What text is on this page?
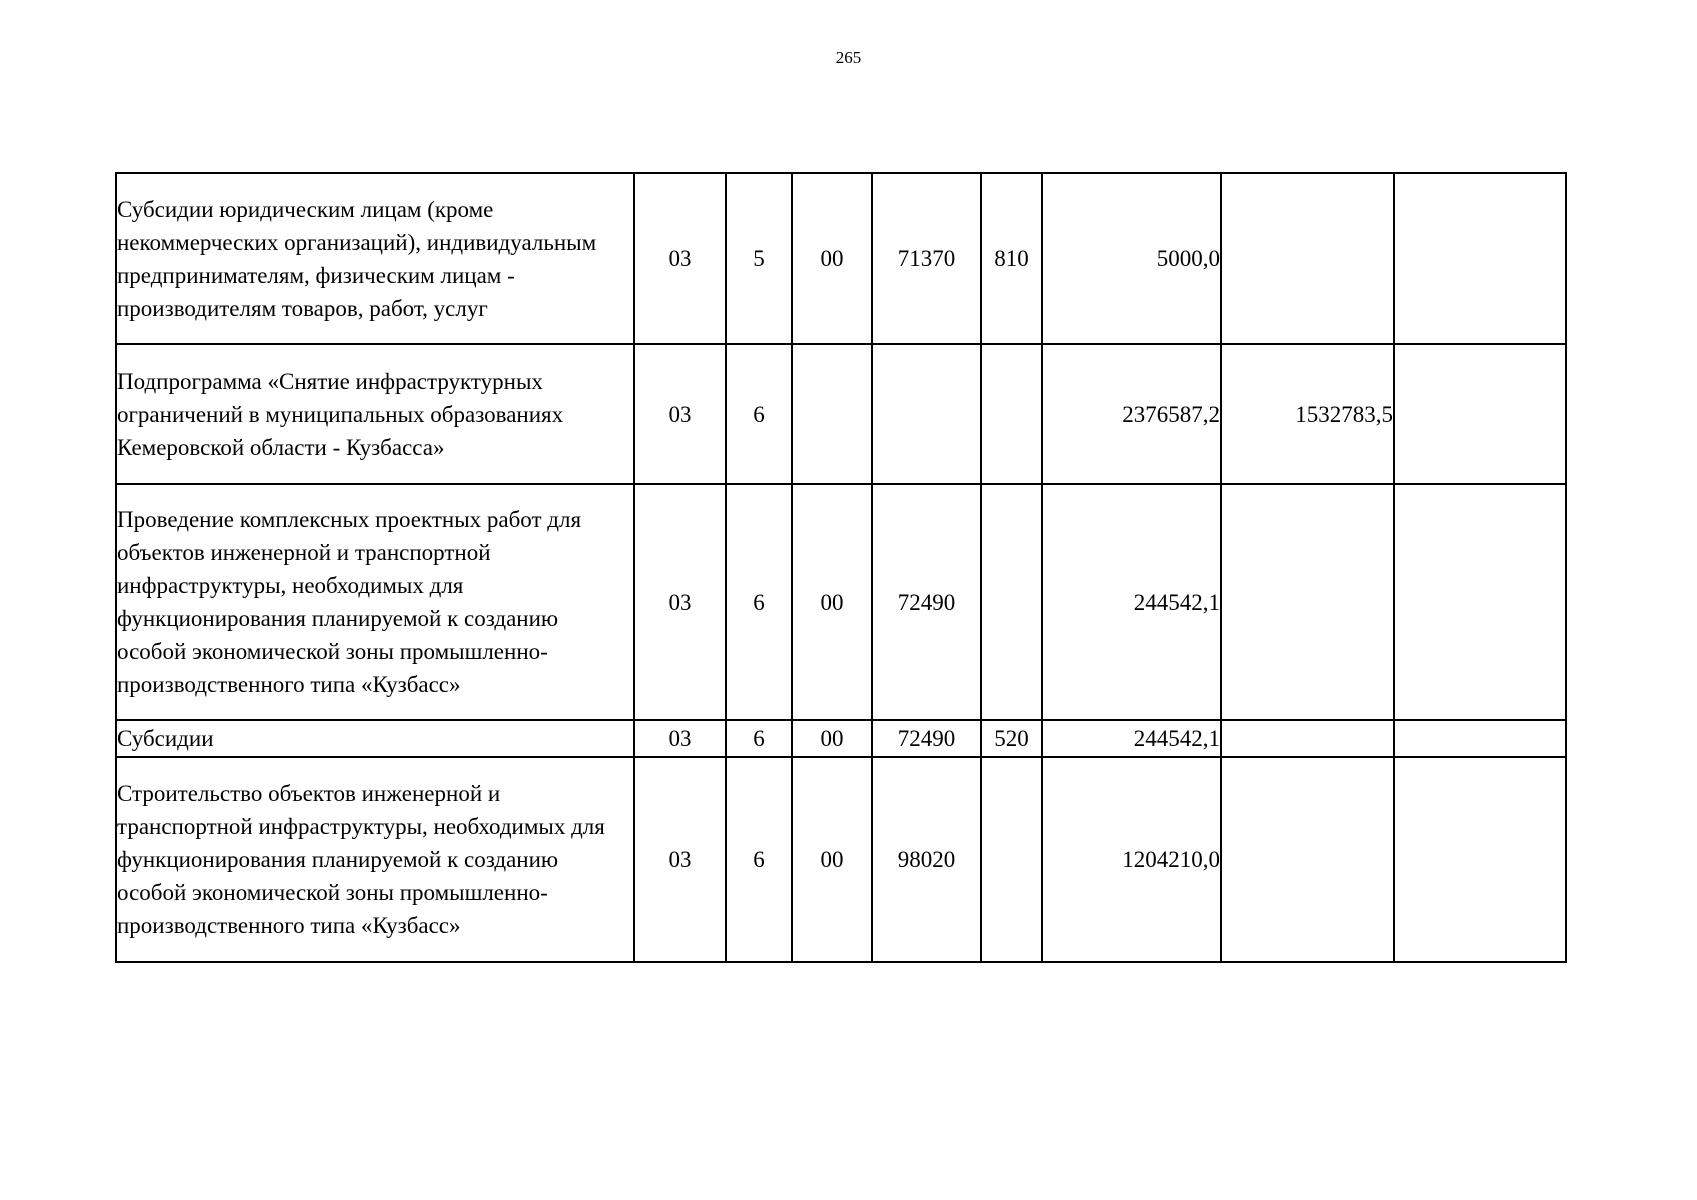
265
Субсидии юридическим лицам (кроме некоммерческих организаций), индивидуальным предпринимателям, физическим лицам - производителям товаров, работ, услуг	03	5	00	71370	810	5000,0		
Подпрограмма «Снятие инфраструктурных ограничений в муниципальных образованиях Кемеровской области - Кузбасса»	03	6				2376587,2	1532783,5	
Проведение комплексных проектных работ для объектов инженерной и транспортной инфраструктуры, необходимых для функционирования планируемой к созданию особой экономической зоны промышленно-производственного типа «Кузбасс»	03	6	00	72490		244542,1		
Субсидии	03	6	00	72490	520	244542,1		
Строительство объектов инженерной и транспортной инфраструктуры, необходимых для функционирования планируемой к созданию особой экономической зоны промышленно-производственного типа «Кузбасс»	03	6	00	98020		1204210,0		
